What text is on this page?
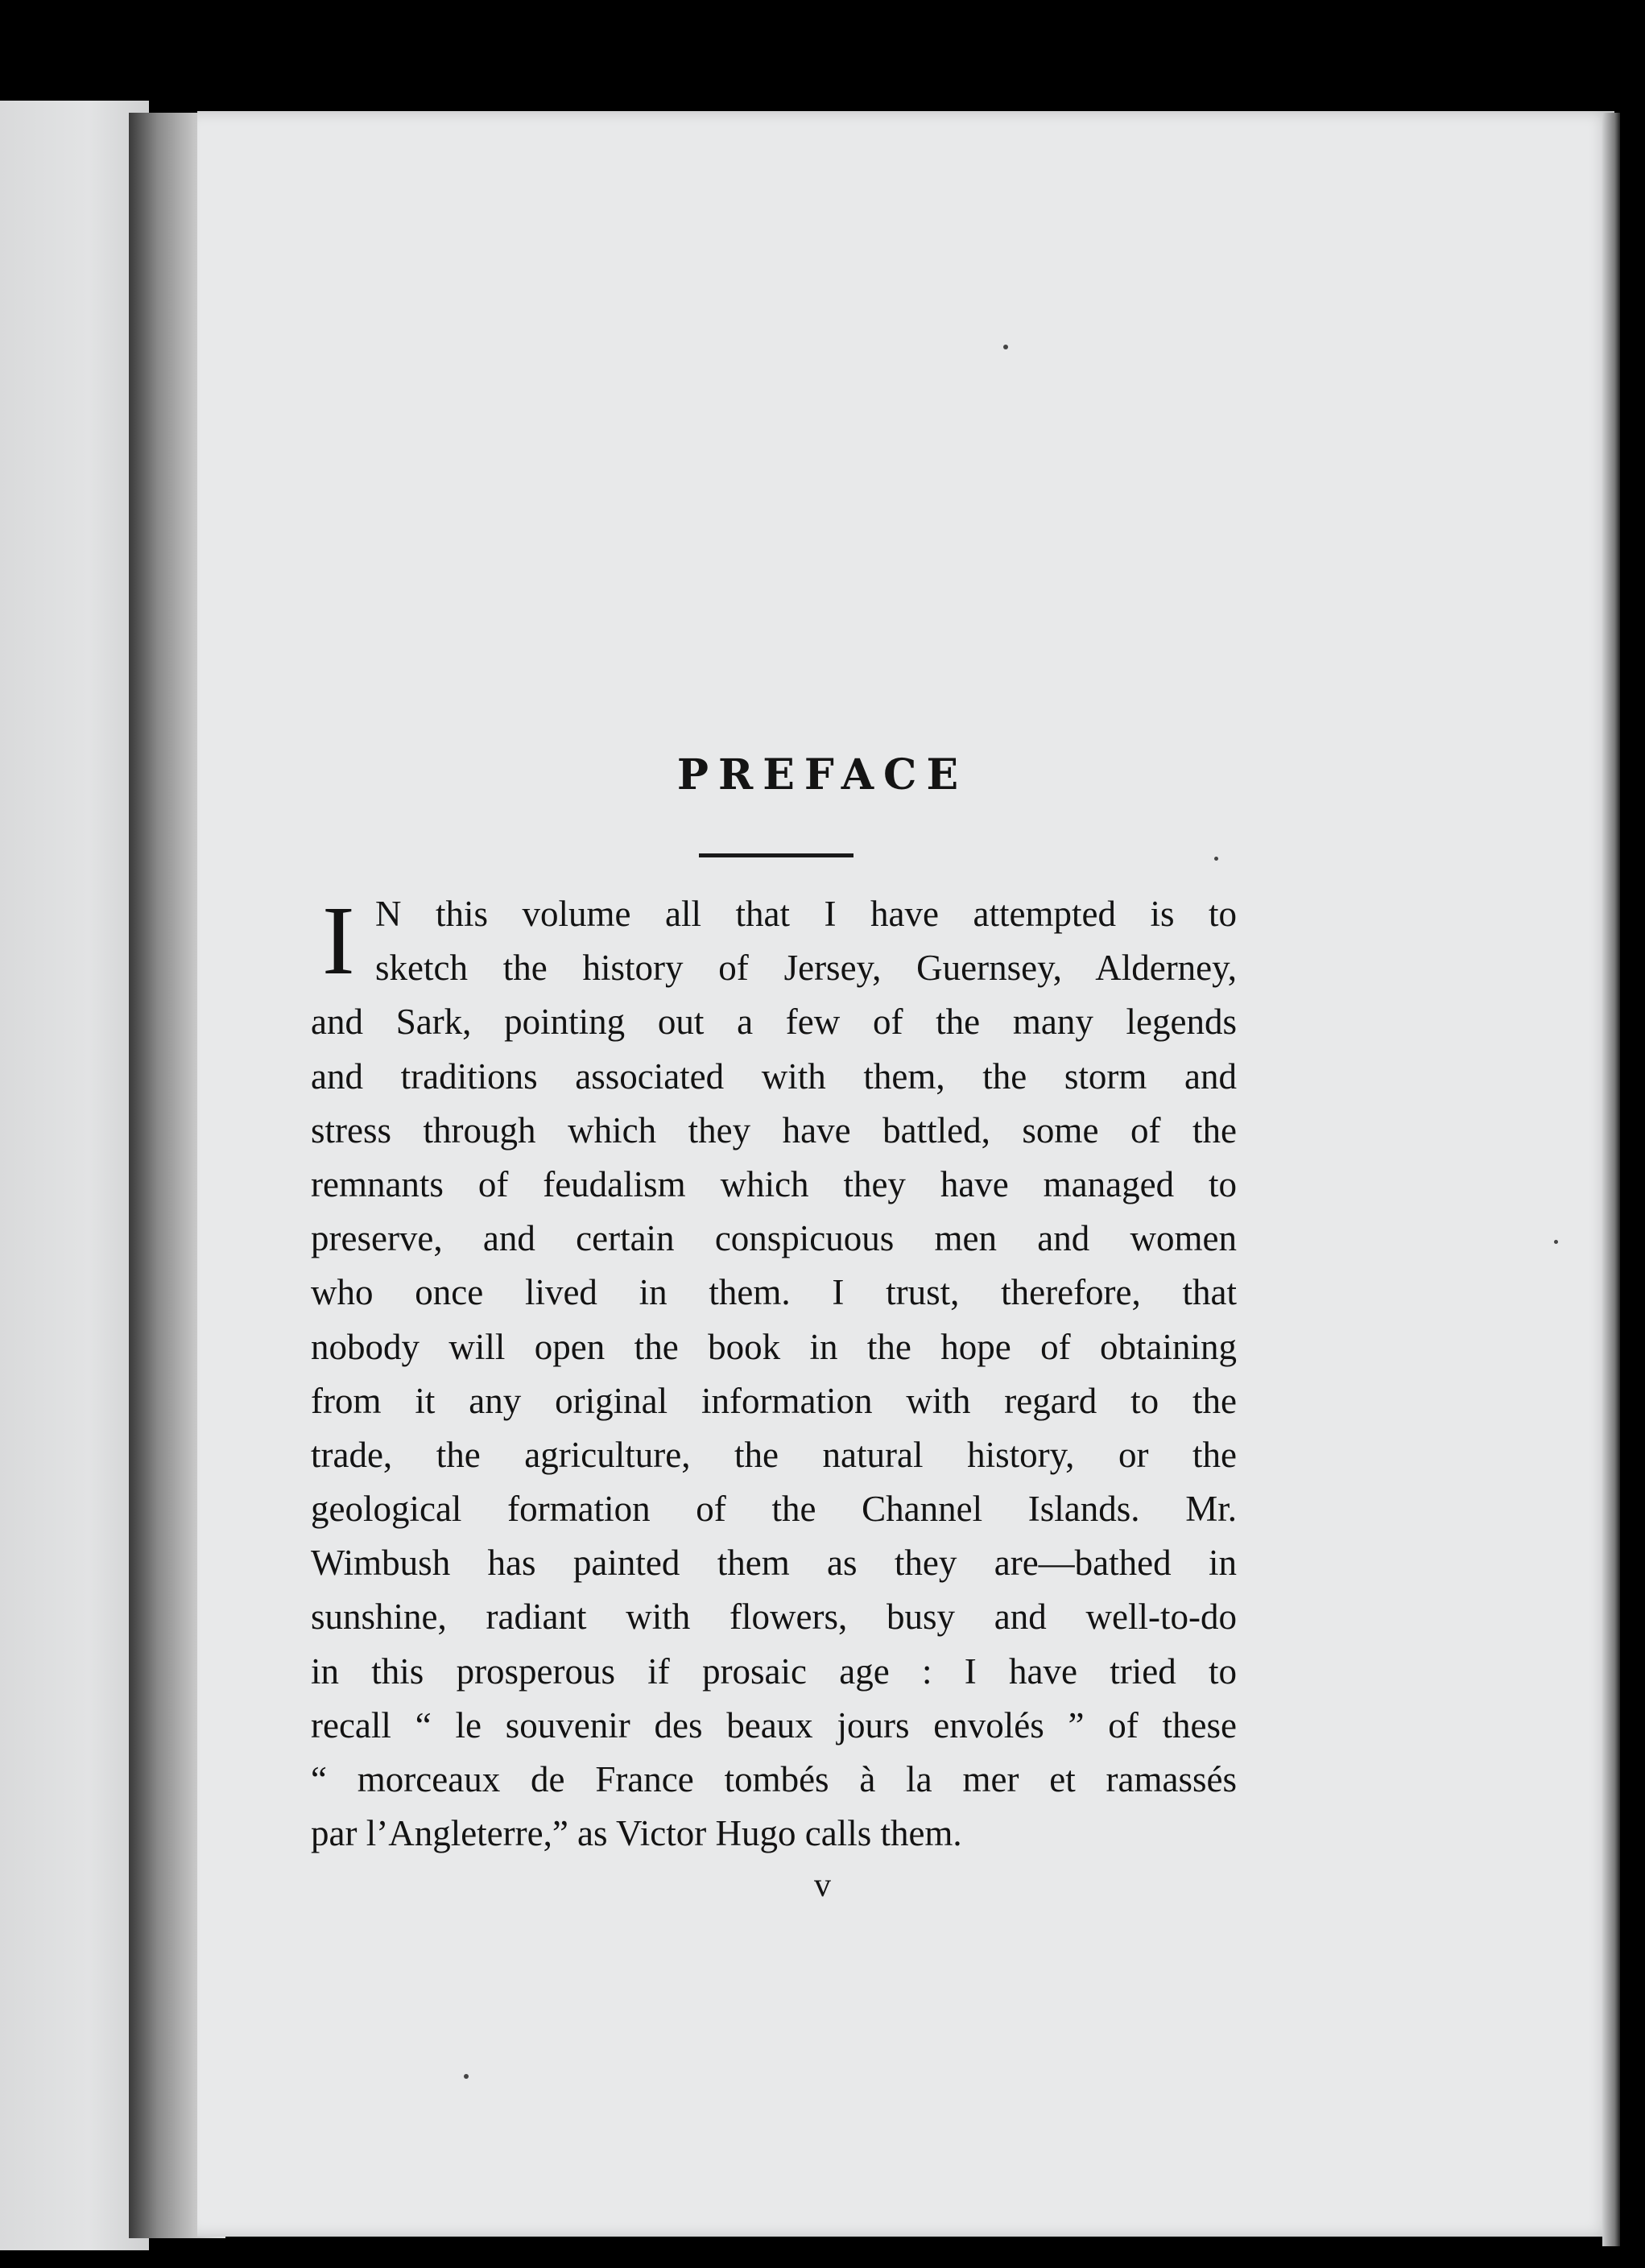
PREFACE
I N this volume all that I have attempted is to
sketch the history of Jersey, Guernsey, Alderney,
and Sark, pointing out a few of the many legends
and traditions associated with them, the storm and
stress through which they have battled, some of the
remnants of feudalism which they have managed to
preserve, and certain conspicuous men and women
who once lived in them. I trust, therefore, that
nobody will open the book in the hope of obtaining
from it any original information with regard to the
trade, the agriculture, the natural history, or the
geological formation of the Channel Islands. Mr.
Wimbush has painted them as they are—bathed in
sunshine, radiant with flowers, busy and well-to-do
in this prosperous if prosaic age : I have tried to
recall “ le souvenir des beaux jours envolés ” of these
“ morceaux de France tombés à la mer et ramassés
par l’Angleterre,” as Victor Hugo calls them.
v
